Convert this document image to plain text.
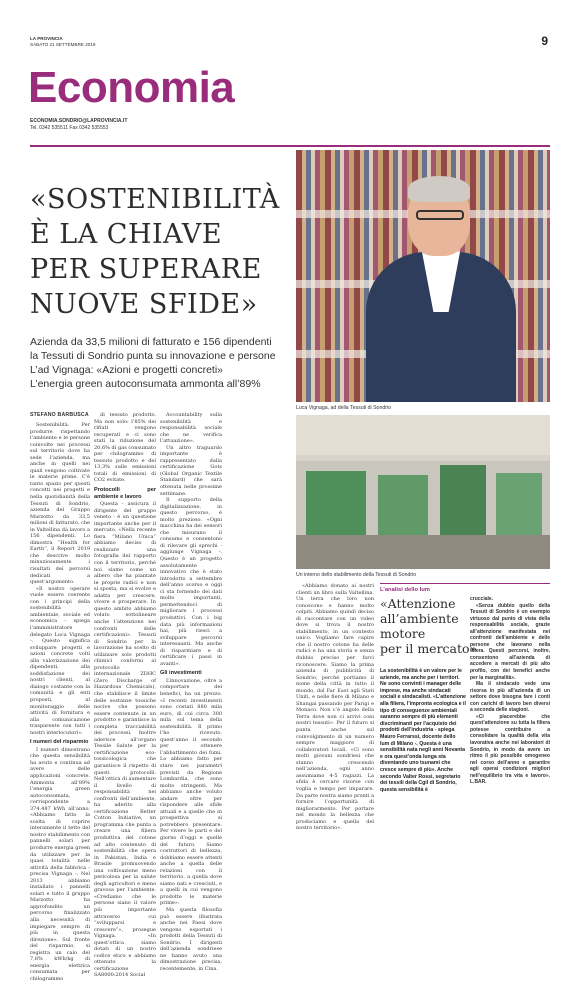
LA PROVINCIA
SABATO 21 SETTEMBRE 2019	9
Economia
ECONOMIA.SONDRIO@LAPROVINCIA.IT
Tel. 0342 535511 Fax 0342 535553
«SOSTENIBILITÀ
È LA CHIAVE
PER SUPERARE
NUOVE SFIDE»
Azienda da 33,5 milioni di fatturato e 156 dipendenti
la Tessuti di Sondrio punta su innovazione e persone
L’ad Vignaga: «Azioni e progetti concreti»
L’energia green autoconsumata ammonta all’89%
Luca Vignaga, ad della Tessuti di Sondrio
Un interno dello stabilimento della Tessuti di Sondrio
STEFANO BARBUSCA

Sostenibilità. Per produrre rispettando l’ambiente e le persone coinvolte nei processi sul territorio dove ha sede l’azienda, ma anche in quelli nei quali vengono coltivate le materie prime. C’è tanto spazio per questi concetti nei progetti e nella quotidianità della Tessuti di Sondrio, azienda del Gruppo Marzotto da 33,5 milioni di fatturato, che in Valtellina dà lavoro a 156 dipendenti. Lo dimostra “Health for Earth”, il Report 2019 che descrive molto minuziosamente i risultati dei percorsi dedicati a quest’argomento.

«Il nostro operare vuole essere coerente con i principi della sostenibilità ambientale, sociale ed economica - spiega l’amministratore delegato Luca Vignaga -. Questo significa sviluppare progetti e azioni concrete volti alla valorizzazione dei dipendenti, alla soddisfazione dei nostri clienti, al dialogo costante con la comunità e gli enti proposti, al monitoraggio delle attività di fornitura e alla comunicazione trasparente con tutti i nostri interlocutori».

I numeri del risparmio

I numeri dimostrano che questa sensibilità ha avuto e continua ad avere delle applicazioni concrete. Ammonta all’89% l’energia green autoconsumata, corrispondente a 374.487 kWh all’anno. «Abbiamo fatto la scelta di coprire interamente il tetto del nostro stabilimento con pannelli solari per produrre energia green da utilizzare per la quasi totalità nelle attività della fabbrica - precisa Vignaga -. Nel 2013 abbiamo installato i pannelli solari e tutto il gruppo Marzotto ha approfondito un percorso finalizzato alla necessità di impiegare sempre di più in questa direzione». Sul fronte del risparmio, si registra un calo del 7,8% kWh/kg di energia elettrica consumata per chilogrammo

di tessuto prodotto. Ma non solo: l’85% dei rifiuti vengono recuperati e ci sono stati la riduzione del 20,6% di gas consumato per chilogrammo di tessuto prodotto e del 13,3% sulle emissioni totali di emissioni di CO2 evitate.

Protocolli per ambiente e lavoro

Questa - assicura il dirigente del gruppo veneto - è un questione importante anche per il mercato. «Nella recente fiera “Milano Unica” abbiamo deciso di realizzare una fotografia del rapporto con il territorio, perché noi siamo come un albero che ha piantate le proprie radici e non si sposta, ma si evolve e adatta per crescere, vivere e prosperare. In questo ambito abbiamo voluto sottolineare anche l’attenzione nei confronti delle certificazioni». Tessuti di Sondrio per la lavorazione ha scelto di utilizzare solo prodotti chimici conformi al protocollo internazionale ZDHC (Zero Discharge of Hazardous Chemicals), che stabilisce il limite delle sostanze tossiche nocive che possono essere contenute in un prodotto e garantisce la completa tracciabilità dei processi. Inoltre aderisce all’organo Tessile Salute per la certificazione eco-tossicologica che garantisce il rispetto di questi protocolli. Nell’ottica di aumentare il livello di responsabilità nei confronti dell’ambiente, ha aderito alla certificazione Better Cotton Initiative, un programma che punta a creare una filiera produttiva del cotone ad alto contenuto di sostenibilità che opera in Pakistan, India e Brasile promuovendo una coltivazione meno pericolosa per la salute degli agricoltori e meno gravosa per l’ambiente. «Crediamo che le persone siano il valore più importante attraverso cui “svilupparsi e crescere”», prosegue Vignaga. «In quest’ottica siamo dotati di un nostro codice etico e abbiamo ottenuto la certificazione SA8000:2014 Social

Accountability sulla sostenibilità e responsabilità sociale che ne verifica l’attuazione».

Un altro traguardo importante è rappresentato dalla certificazione Gots (Global Organic Textile Standard) che sarà ottenuta nelle prossime settimane.

Il supporto della digitalizzazione, in questo percorso, è molto prezioso. «Ogni macchina ha dei sensori che misurano il consumo e consentono di rilevare gli sprechi - aggiunge Vignaga -. Questo è un progetto assolutamente innovativo che è stato introdotto a settembre dell’anno scorso e oggi ci sta fornendo dei dati molto importanti, permettendoci di migliorare i processi produttivi. Con i big data più informazioni hai, più riesci a sviluppare percorsi interessanti. Ma anche di risparmiare e di certificare i passi in avanti».

Gli investimenti

L’innovazione, oltre a comportare dei benefici, ha un prezzo. «I recenti investimenti sono costati 880 mila euro, di cui circa 300 mila sul tema della sostenibilità. Il primo l’ho ricevuto, quest’anno il secondo per ottenere l’abbattimento dei fumi. Lo abbiamo fatto per stare nei parametri previsti da Regione Lombardia, che sono molto stringenti. Ma abbiamo anche voluto andare oltre per rispondere alle sfide attuali e a quelle che in prospettiva si potrebbero presentare. Per vivere le parti e del giorno d’oggi e quelle del futuro. Siamo costruttori di bellezza, dobbiamo essere attenti anche a quella delle relazioni con il territorio, a quella dove siamo nati e cresciuti, e a quelli in cui vengono prodotte le materie prime».

Ma questa filosofia può essere illustrata anche nei Paesi dove vengono esportati i prodotti della Tessuti di Sondrio. I dirigenti dell’azienda sondriese ne hanno avuto una dimostrazione precisa, recentemente, in Cina.

«Abbiamo donato ai nostri clienti un libro sulla Valtellina. Un terra che loro non conoscono e hanno molto colpiti. Abbiamo quindi deciso di raccontare con un video dove si trova il nostro stabilimento, in un contesto unico. Vogliamo fare capire che il nostro cotone ha delle radici e ha una storia e senza dubbio preciso per farci riconoscere. Siamo la prima azienda di pubblicità di Sondrio, perché portiamo il nome della città in tutto il mondo, dal Far East agli Stati Uniti, e nelle fiere di Milano e Shangai passando per Parigi e Monaco. Non c’è angolo della Terra dove non ci arrivi coni nostri tessuti». Per il futuro si punta anche sul coinvolgimento di un numero sempre maggiore di collaboratori locali. «Ci sono molti giovani sondriesi che stanno crescendo nell’azienda, ogni anno assumiamo 4-5 ragazzi. La sfida è cercare risorse con voglia e tempo per imparare. Da parte nostra siamo pronti a fornire l’opportunità di migliorarmento. Per portare nel mondo la bellezza che produciamo e quella del nostro territorio».

L’analisi dello Ium
«Attenzione
all’ambiente
motore
per il mercato»
La sostenibilità è un valore per le aziende, ma anche per i territori. Ne sono convinti i manager delle imprese, ma anche sindacati sociali e sindacalisti. «L’attenzione alla filiera, l’impronta ecologica e il tipo di conseguenze ambientali saranno sempre di più elementi discriminanti per l’acquisto dei prodotti dell’industria - spiega Mauro Ferrarssi, docente dello Ium di Milano -. Questa è una sensibilità nata negli anni Novanta e ora quest’onda lunga sta diventando uno tsunami che cresce sempre di più». Anche secondo Valter Rossi, segretario dei tessili della Cgil di Sondrio, questa sensibilità è

crucciale.

«Senza dubbio quello della Tessuti di Sondrio è un esempio virtuoso dal punto di vista della responsabilità sociale, grazie all’attenzione manifestata nei confronti dell’ambiente e delle persone che lavorano nella filiera. Questi percorsi, inoltre, consentono all’azienda di accedere a mercati di più alto profilo, con dei benefici anche per la marginalità».

Ma il sindacato vede una risorsa in più all’azienda di un settore dove bisogna fare i conti con carichi di lavoro ben diversi a seconda delle stagioni.

«Ci piacerebbe che quest’attenzione su tutta la filiera potesse contribuire a consolidare la qualità della vita lavorativa anche nei laboratori di Sondrio, in modo da avere un ritmo il più possibile omogeneo nel corso dell’anno e garantire agli operai condizioni migliori nell’equilibrio tra vita e lavoro». L.BAR.
